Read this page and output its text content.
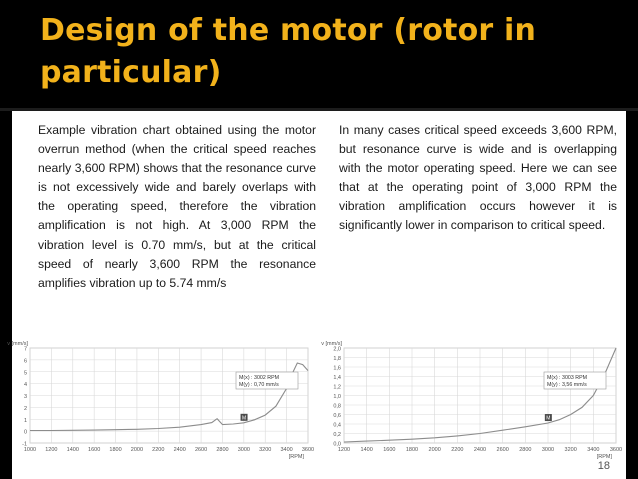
Design of the motor (rotor in particular)

Example vibration chart obtained using the motor overrun method (when the critical speed reaches nearly 3,600 RPM) shows that the resonance curve is not excessively wide and barely overlaps with the operating speed, therefore the vibration amplification is not high. At 3,000 RPM the vibration level is 0.70 mm/s, but at the critical speed of nearly 3,600 RPM the resonance amplifies vibration up to 5.74 mm/s

In many cases critical speed exceeds 3,600 RPM, but resonance curve is wide and is overlapping with the motor operating speed. Here we can see that at the operating point of 3,000 RPM the vibration amplification occurs however it is significantly lower in comparison to critical speed.

-1
0
1
2
3
4
5
6
7
1000 1200 1400 1600 1800 2000 2200 2400 2600 2800 3000 3200 3400 3600
v [mm/s]
[RPM]
M
M(x) : 3002 RPM
M(y) : 0,70 mm/s
0,0
0,2
0,4
0,6
0,8
1,0
1,2
1,4
1,6
1,8
2,0
1200 1400 1600 1800 2000 2200 2400 2600 2800 3000 3200 3400 3600
v [mm/s]
[RPM]
M
M(x) : 3003 RPM
M(y) : 3,56 mm/s
18
